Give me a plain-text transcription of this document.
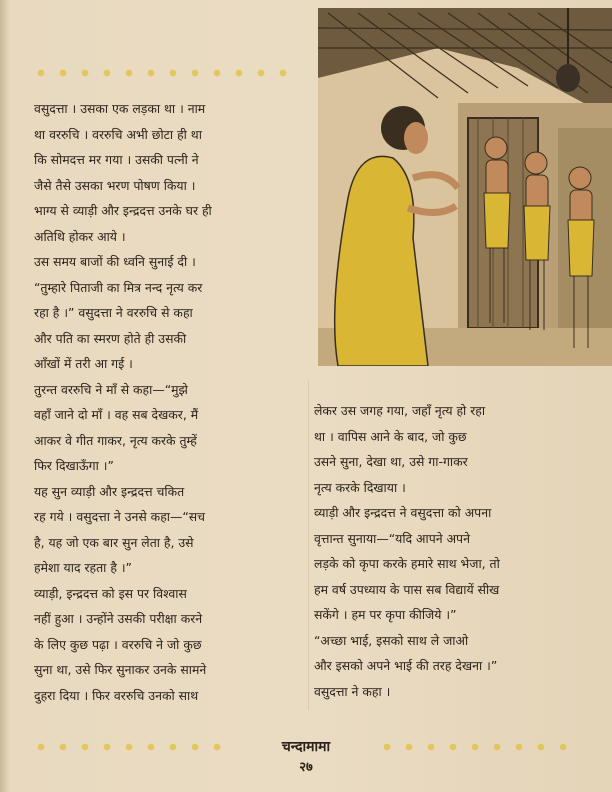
वसुदत्ता । उसका एक लड़का था । नाम
था वररुचि । वररुचि अभी छोटा ही था
कि सोमदत्त मर गया । उसकी पत्नी ने
जैसे तैसे उसका भरण पोषण किया ।
भाग्य से व्याड़ी और इन्द्रदत्त उनके घर ही
अतिथि होकर आये ।
उस समय बाजों की ध्वनि सुनाई दी ।
“तुम्हारे पिताजी का मित्र नन्द नृत्य कर
रहा है ।” वसुदत्ता ने वररुचि से कहा
और पति का स्मरण होते ही उसकी
आँखों में तरी आ गई ।
तुरन्त वररुचि ने माँ से कहा—“मुझे
वहाँ जाने दो माँ । वह सब देखकर, मैं
आकर वे गीत गाकर, नृत्य करके तुम्हें
फिर दिखाऊँगा ।”
यह सुन व्याड़ी और इन्द्रदत्त चकित
रह गये । वसुदत्ता ने उनसे कहा—“सच
है, यह जो एक बार सुन लेता है, उसे
हमेशा याद रहता है ।”
व्याड़ी, इन्द्रदत्त को इस पर विश्वास
नहीं हुआ । उन्होंने उसकी परीक्षा करने
के लिए कुछ पढ़ा । वररुचि ने जो कुछ
सुना था, उसे फिर सुनाकर उनके सामने
दुहरा दिया । फिर वररुचि उनको साथ
लेकर उस जगह गया, जहाँ नृत्य हो रहा
था । वापिस आने के बाद, जो कुछ
उसने सुना, देखा था, उसे गा-गाकर
नृत्य करके दिखाया ।
व्याड़ी और इन्द्रदत्त ने वसुदत्ता को अपना
वृत्तान्त सुनाया—“यदि आपने अपने
लड़के को कृपा करके हमारे साथ भेजा, तो
हम वर्ष उपध्याय के पास सब विद्यायें सीख
सकेंगे । हम पर कृपा कीजिये ।”
“अच्छा भाई, इसको साथ ले जाओ
और इसको अपने भाई की तरह देखना ।”
वसुदत्ता ने कहा ।
चन्दामामा
२७
